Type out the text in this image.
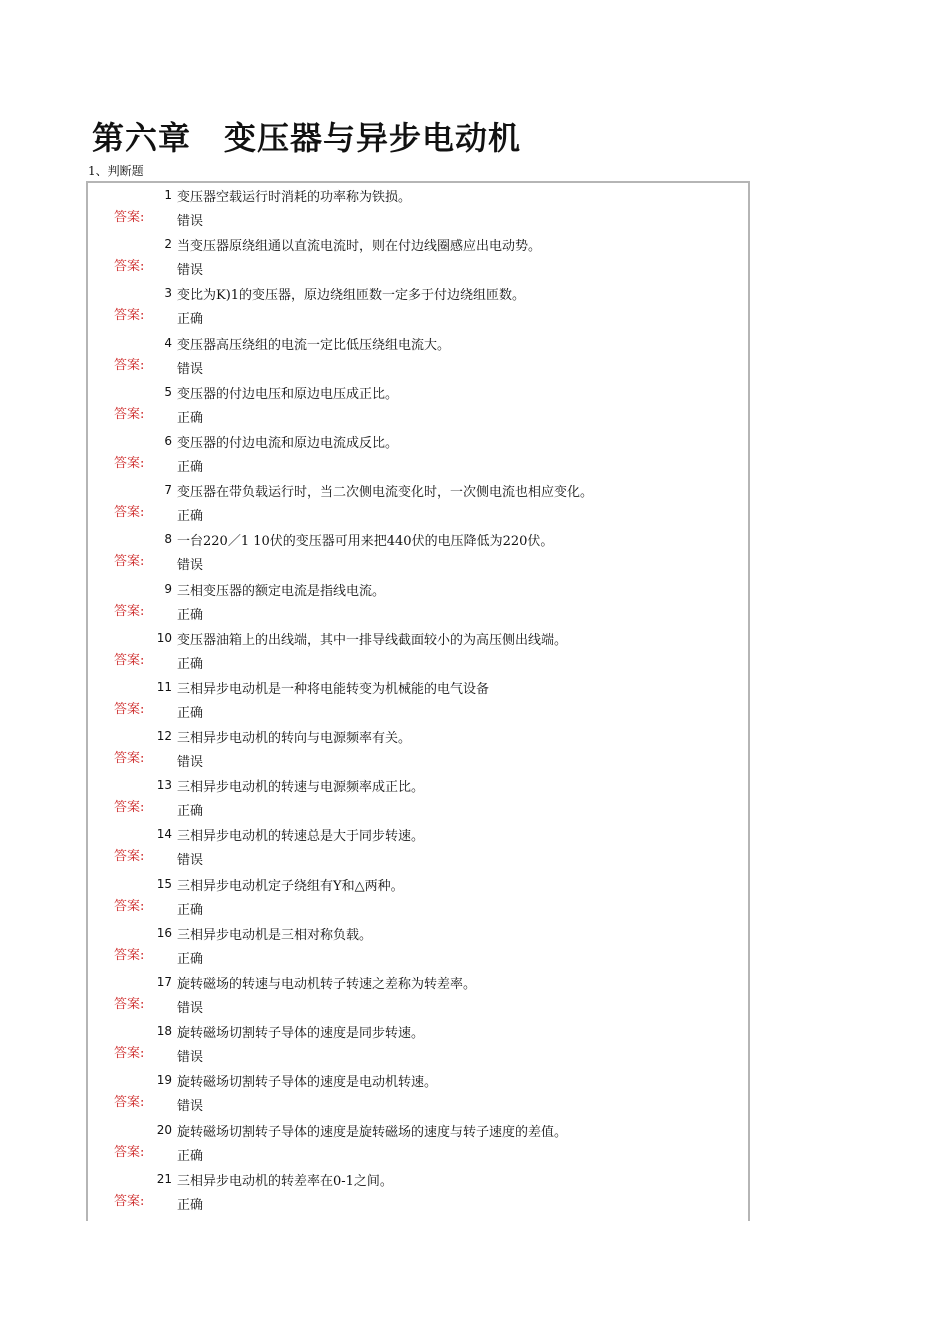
第六章　变压器与异步电动机
1、判断题
1 变压器空载运行时消耗的功率称为铁损。
答案:	错误
2 当变压器原绕组通以直流电流时，则在付边线圈感应出电动势。
答案:	错误
3 变比为K)1的变压器，原边绕组匝数一定多于付边绕组匝数。
答案:	正确
4 变压器高压绕组的电流一定比低压绕组电流大。
答案:	错误
5 变压器的付边电压和原边电压成正比。
答案:	正确
6 变压器的付边电流和原边电流成反比。
答案:	正确
7 变压器在带负载运行时，当二次侧电流变化时，一次侧电流也相应变化。
答案:	正确
8 一台220／1 10伏的变压器可用来把440伏的电压降低为220伏。
答案:	错误
9 三相变压器的额定电流是指线电流。
答案:	正确
10 变压器油箱上的出线端，其中一排导线截面较小的为高压侧出线端。
答案:	正确
11 三相异步电动机是一种将电能转变为机械能的电气设备
答案:	正确
12 三相异步电动机的转向与电源频率有关。
答案:	错误
13 三相异步电动机的转速与电源频率成正比。
答案:	正确
14 三相异步电动机的转速总是大于同步转速。
答案:	错误
15 三相异步电动机定子绕组有Y和△两种。
答案:	正确
16 三相异步电动机是三相对称负载。
答案:	正确
17 旋转磁场的转速与电动机转子转速之差称为转差率。
答案:	错误
18 旋转磁场切割转子导体的速度是同步转速。
答案:	错误
19 旋转磁场切割转子导体的速度是电动机转速。
答案:	错误
20 旋转磁场切割转子导体的速度是旋转磁场的速度与转子速度的差值。
答案:	正确
21 三相异步电动机的转差率在0-1之间。
答案:	正确
